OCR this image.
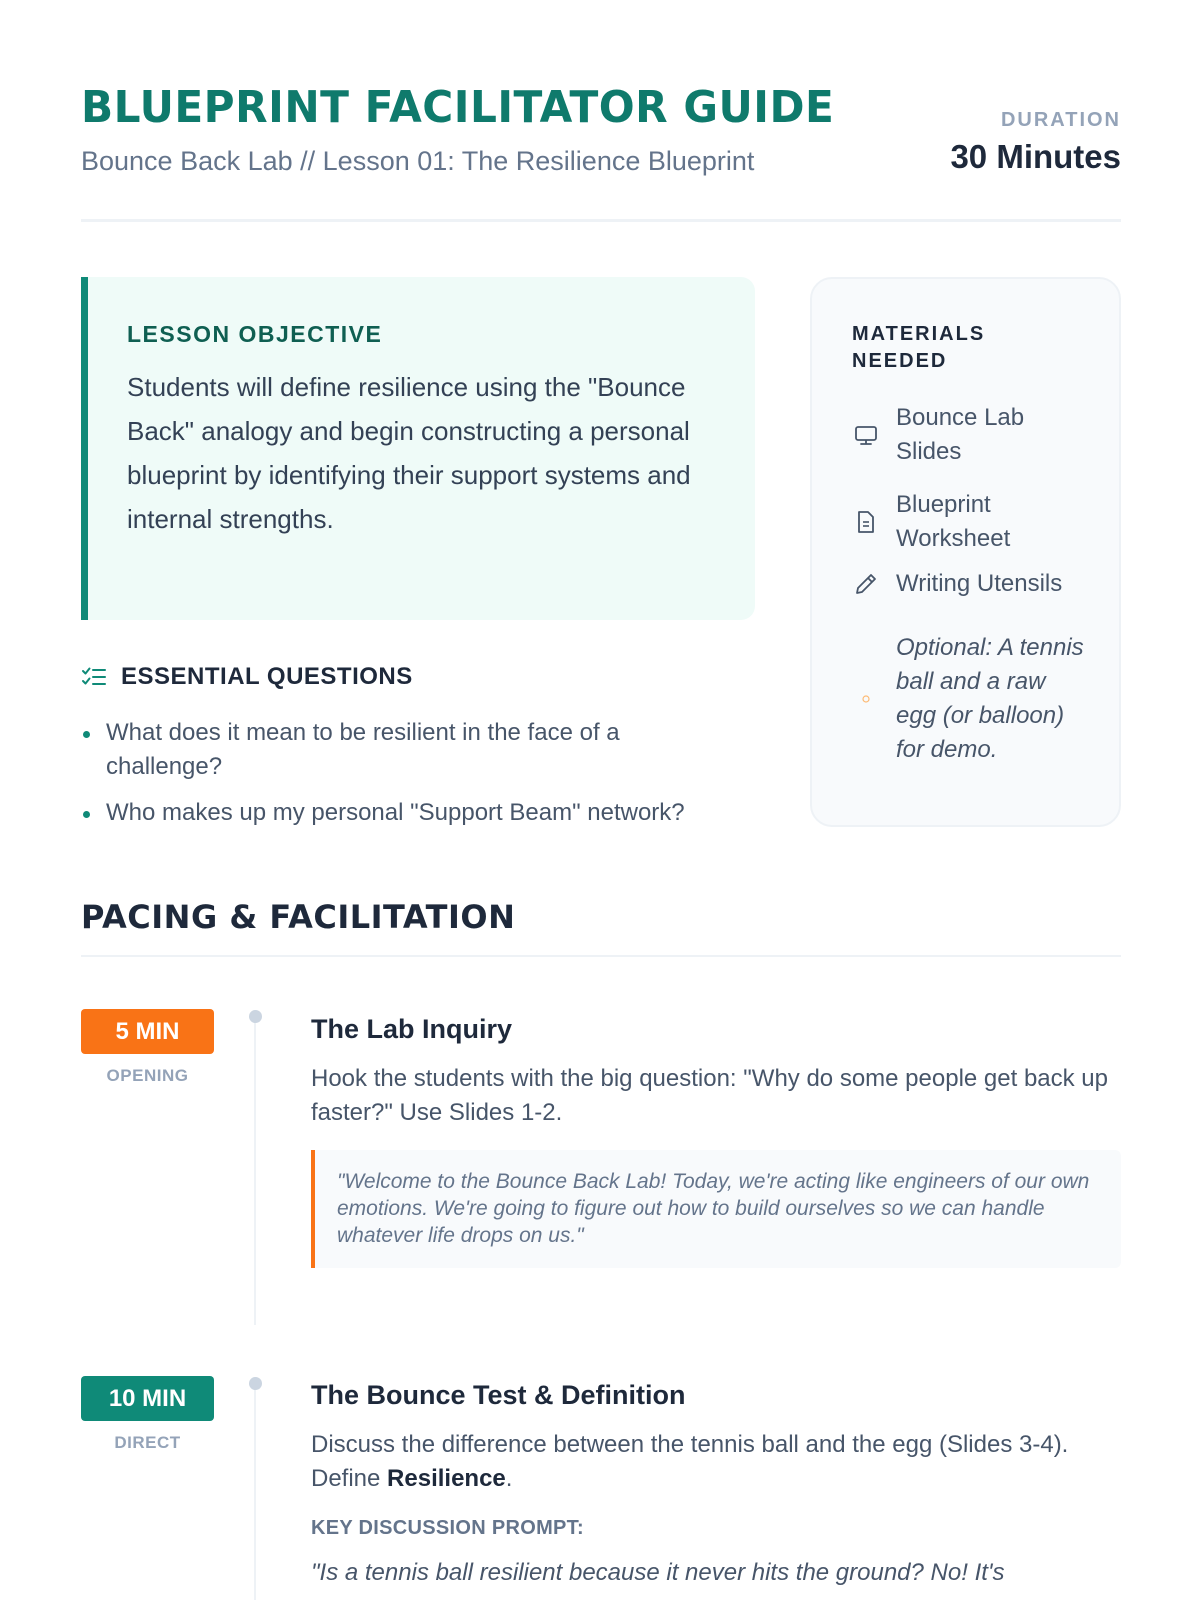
BLUEPRINT FACILITATOR GUIDE
Bounce Back Lab // Lesson 01: The Resilience Blueprint
DURATION
30 Minutes
LESSON OBJECTIVE
Students will define resilience using the "Bounce Back" analogy and begin constructing a personal blueprint by identifying their support systems and internal strengths.
ESSENTIAL QUESTIONS
What does it mean to be resilient in the face of a challenge?
Who makes up my personal "Support Beam" network?
MATERIALS NEEDED
Bounce Lab Slides
Blueprint Worksheet
Writing Utensils
Optional: A tennis ball and a raw egg (or balloon) for demo.
PACING & FACILITATION
5 MIN
OPENING
The Lab Inquiry
Hook the students with the big question: "Why do some people get back up faster?" Use Slides 1-2.
"Welcome to the Bounce Back Lab! Today, we're acting like engineers of our own emotions. We're going to figure out how to build ourselves so we can handle whatever life drops on us."
10 MIN
DIRECT
The Bounce Test & Definition
Discuss the difference between the tennis ball and the egg (Slides 3-4). Define Resilience.
KEY DISCUSSION PROMPT:
"Is a tennis ball resilient because it never hits the ground? No! It's
